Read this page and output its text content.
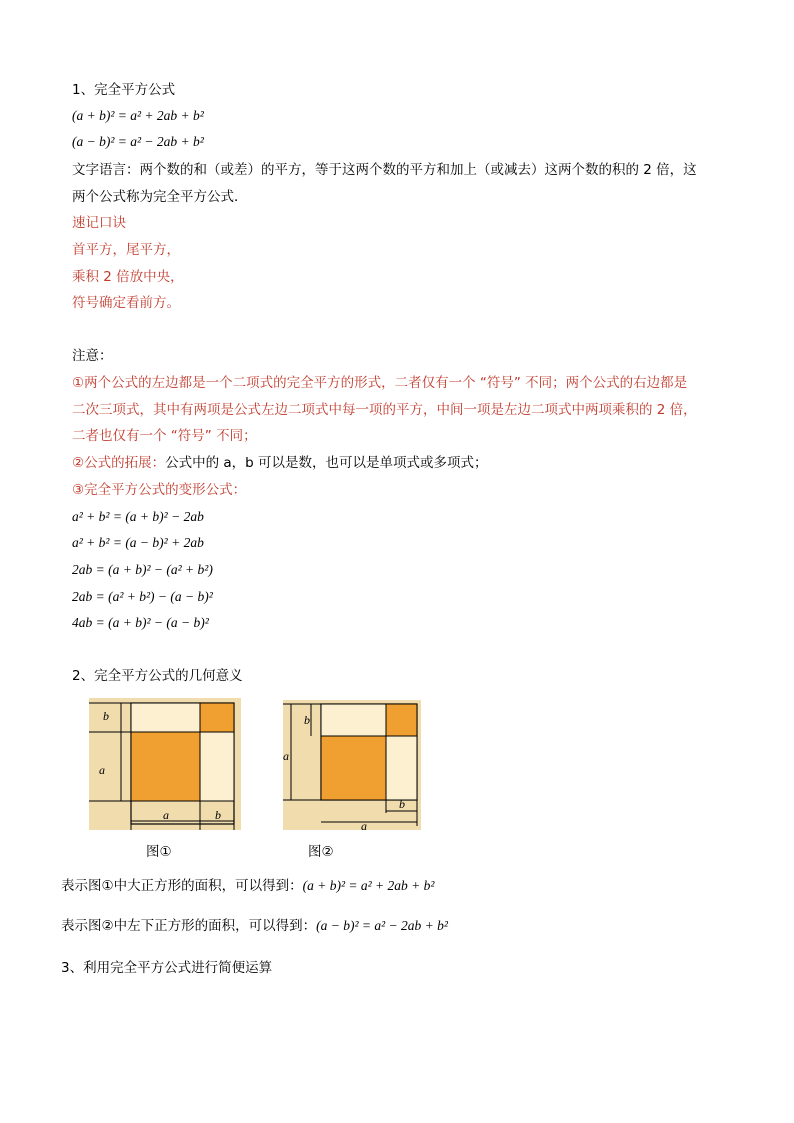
1、完全平方公式
(a + b)² = a² + 2ab + b²
(a − b)² = a² − 2ab + b²
文字语言：两个数的和（或差）的平方，等于这两个数的平方和加上（或减去）这两个数的积的 2 倍，这
两个公式称为完全平方公式．
速记口诀
首平方，尾平方，
乘积 2 倍放中央，
符号确定看前方。
注意：
①两个公式的左边都是一个二项式的完全平方的形式，二者仅有一个 “符号” 不同；两个公式的右边都是
二次三项式，其中有两项是公式左边二项式中每一项的平方，中间一项是左边二项式中两项乘积的 2 倍，
二者也仅有一个 “符号” 不同；
②公式的拓展：公式中的 a，b 可以是数，也可以是单项式或多项式；
③完全平方公式的变形公式：
a² + b² = (a + b)² − 2ab
a² + b² = (a − b)² + 2ab
2ab = (a + b)² − (a² + b²)
2ab = (a² + b²) − (a − b)²
4ab = (a + b)² − (a − b)²
2、完全平方公式的几何意义
b
a
a	b
a
b
b
a
图①	图②
表示图①中大正方形的面积，可以得到：(a + b)² = a² + 2ab + b²
表示图②中左下正方形的面积，可以得到：(a − b)² = a² − 2ab + b²
3、利用完全平方公式进行简便运算
